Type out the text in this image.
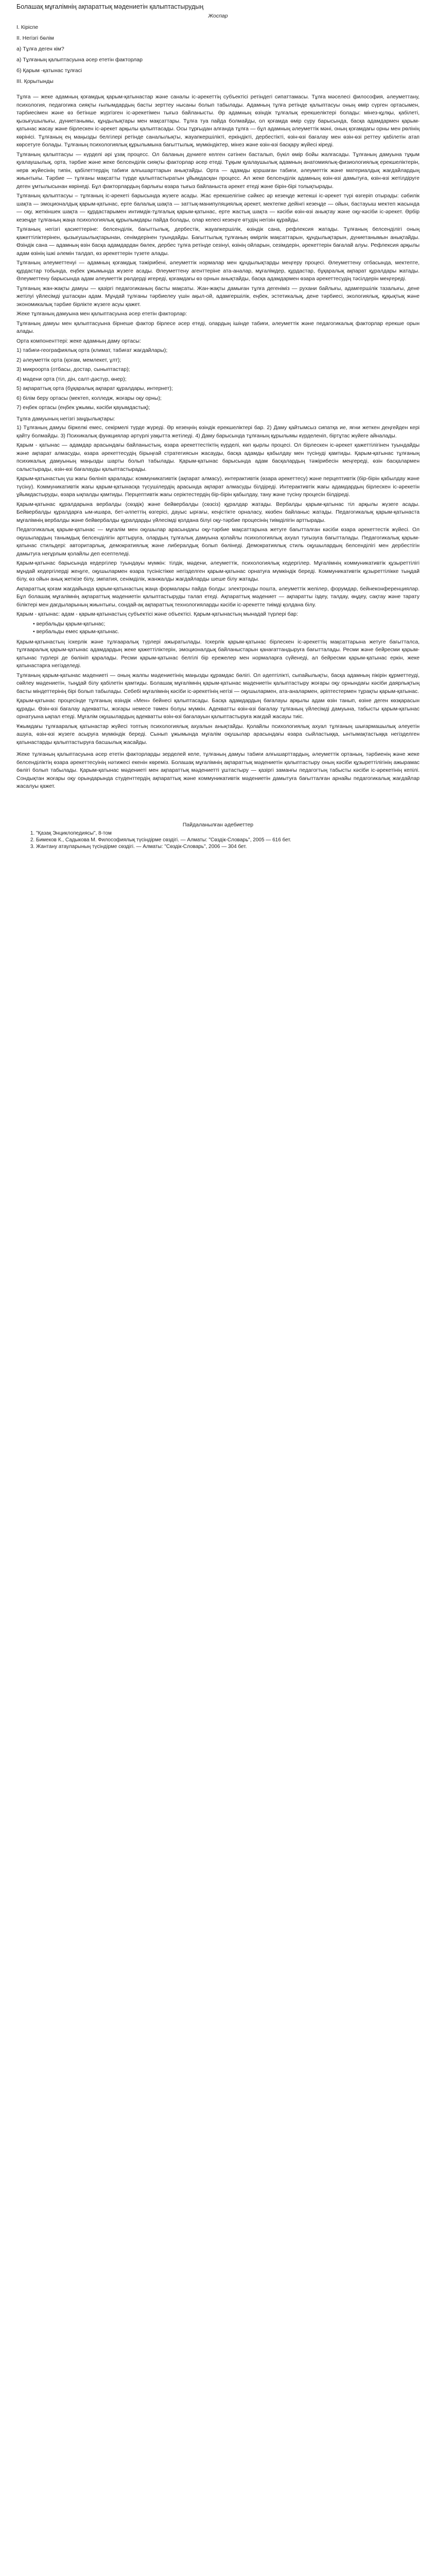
Болашақ мұғалімнің ақпараттық мәдениетін қалыптастырудың
Жоспар
I. Кіріспе
II. Негізгі бөлім
a) Тұлға деген кім?
a) Тұлғаның қалыптасуына әсер ететін факторлар
б) Қарым -қатынас тұлғасі
III. Қорытынды

Тұлға — жеке адамның қоғамдық қарым-қатынастар және саналы іс-әрекеттің субъектісі ретіндегі сипаттамасы. Тұлға мәселесі философия, әлеуметтану, психология, педагогика сияқты ғылымдардың басты зерттеу нысаны болып табылады. Адамның тұлға ретінде қалыптасуы оның өмір сүрген ортасымен, тәрбиесімен және өз бетінше жүргізген іс-әрекетімен тығыз байланысты. Әр адамның өзіндік тұлғалық ерекшеліктері болады: мінез-құлқы, қабілеті, қызығушылығы, дүниетанымы, құндылықтары мен мақсаттары. Тұлға туа пайда болмайды, ол қоғамда өмір сүру барысында, басқа адамдармен қарым-қатынас жасау және бірлескен іс-әрекет арқылы қалыптасады. Осы тұрғыдан алғанда тұлға — бұл адамның әлеуметтік мәні, оның қоғамдағы орны мен рөлінің көрінісі. Тұлғаның ең маңызды белгілері ретінде саналылықты, жауапкершілікті, еркіндікті, дербестікті, өзін-өзі бағалау мен өзін-өзі реттеу қабілетін атап көрсетуге болады. Тұлғаның психологиялық құрылымына бағыттылық, мүмкіндіктер, мінез және өзін-өзі басқару жүйесі кіреді.

Тұлғаның қалыптасуы — күрделі әрі ұзақ процесс. Ол баланың дүниеге келген сәтінен басталып, бүкіл өмір бойы жалғасады. Тұлғаның дамуына тұқым қуалаушылық, орта, тәрбие және жеке белсенділік сияқты факторлар әсер етеді. Тұқым қуалаушылық адамның анатомиялық-физиологиялық ерекшеліктерін, нерв жүйесінің типін, қабілеттердің табиғи алғышарттарын анықтайды. Орта — адамды қоршаған табиғи, әлеуметтік және материалдық жағдайлардың жиынтығы. Тәрбие — тұлғаны мақсатты түрде қалыптастыратын ұйымдасқан процесс. Ал жеке белсенділік адамның өзін-өзі дамытуға, өзін-өзі жетілдіруге деген ұмтылысынан көрінеді. Бұл факторлардың барлығы өзара тығыз байланыста әрекет етеді және бірін-бірі толықтырады.

Тұлғаның қалыптасуы – тұлғаның іс-әрекеті барысында жүзеге асады. Жас ерекшелігіне сәйкес әр кезеңде жетекші іс-әрекет түрі өзгеріп отырады: сәбилік шақта — эмоционалдық қарым-қатынас, ерте балалық шақта — заттық-манипуляциялық әрекет, мектепке дейінгі кезеңде — ойын, бастауыш мектеп жасында — оқу, жеткіншек шақта — құрдастарымен интимдік-тұлғалық қарым-қатынас, ерте жастық шақта — кәсіби өзін-өзі анықтау және оқу-кәсіби іс-әрекет. Әрбір кезеңде тұлғаның жаңа психологиялық құрылымдары пайда болады, олар келесі кезеңге өтудің негізін құрайды.

Тұлғаның негізгі қасиеттеріне: белсенділік, бағыттылық, дербестік, жауапкершілік, өзіндік сана, рефлексия жатады. Тұлғаның белсенділігі оның қажеттіліктерінен, қызығушылықтарынан, сенімдерінен туындайды. Бағыттылық тұлғаның өмірлік мақсаттарын, құндылықтарын, дүниетанымын анықтайды. Өзіндік сана — адамның өзін басқа адамдардан бөлек, дербес тұлға ретінде сезінуі, өзінің ойларын, сезімдерін, әрекеттерін бағалай алуы. Рефлексия арқылы адам өзінің ішкі әлемін талдап, өз әрекеттерін түзете алады.

Тұлғаның әлеуметтенуі — адамның қоғамдық тәжірибені, әлеуметтік нормалар мен құндылықтарды меңгеру процесі. Әлеуметтену отбасында, мектепте, құрдастар тобында, еңбек ұжымында жүзеге асады. Әлеуметтену агенттеріне ата-аналар, мұғалімдер, құрдастар, бұқаралық ақпарат құралдары жатады. Әлеуметтену барысында адам әлеуметтік рөлдерді игереді, қоғамдағы өз орнын анықтайды, басқа адамдармен өзара әрекеттесудің тәсілдерін меңгереді.

Тұлғаның жан-жақты дамуы — қазіргі педагогиканың басты мақсаты. Жан-жақты дамыған тұлға дегеніміз — рухани байлығы, адамгершілік тазалығы, дене жетілуі үйлесімді ұштасқан адам. Мұндай тұлғаны тәрбиелеу үшін ақыл-ой, адамгершілік, еңбек, эстетикалық, дене тәрбиесі, экологиялық, құқықтық және экономикалық тәрбие бірлікте жүзеге асуы қажет.

Жеке тұлғаның дамуына мен қалыптасуына әсер ететін факторлар:

Тұлғаның дамуы мен қалыптасуына бірнеше фактор бірлесе әсер етеді, олардың ішінде табиғи, әлеуметтік және педагогикалық факторлар ерекше орын алады.

Орта компоненттері: жеке адамның даму ортасы:

1) табиғи-географиялық орта (климат, табиғат жағдайлары);

2) әлеуметтік орта (қоғам, мемлекет, ұлт);

3) микроорта (отбасы, достар, сыныптастар);

4) мәдени орта (тіл, дін, салт-дәстүр, өнер);

5) ақпараттық орта (бұқаралық ақпарат құралдары, интернет);

6) білім беру ортасы (мектеп, колледж, жоғары оқу орны);

7) еңбек ортасы (еңбек ұжымы, кәсіби қауымдастық);

Тұлға дамуының негізгі заңдылықтары:

1) Тұлғаның дамуы біркелкі емес, секірмелі түрде жүреді. Әр кезеңнің өзіндік ерекшеліктері бар. 2) Даму қайтымсыз сипатқа ие, яғни жеткен деңгейден кері қайту болмайды. 3) Психикалық функциялар әртүрлі уақытта жетіледі. 4) Даму барысында тұлғаның құрылымы күрделеніп, біртұтас жүйеге айналады.

Қарым - қатынас — адамдар арасындағы байланыстың, өзара әрекеттестіктің күрделі, көп қырлы процесі. Ол бірлескен іс-әрекет қажеттілігінен туындайды және ақпарат алмасуды, өзара әрекеттесудің бірыңғай стратегиясын жасауды, басқа адамды қабылдау мен түсінуді қамтиды. Қарым-қатынас тұлғаның психикалық дамуының маңызды шарты болып табылады. Қарым-қатынас барысында адам басқалардың тәжірибесін меңгереді, өзін басқалармен салыстырады, өзін-өзі бағалауды қалыптастырады.

Қарым-қатынастың үш жағы бөлініп қаралады: коммуникативтік (ақпарат алмасу), интерактивтік (өзара әрекеттесу) және перцептивтік (бір-бірін қабылдау және түсіну). Коммуникативтік жағы қарым-қатынасқа түсушілердің арасында ақпарат алмасуды білдіреді. Интерактивтік жағы адамдардың бірлескен іс-әрекетін ұйымдастыруды, өзара ықпалды қамтиды. Перцептивтік жағы серіктестердің бір-бірін қабылдау, тану және түсіну процесін білдіреді.

Қарым-қатынас құралдарына вербалды (сөздік) және бейвербалды (сөзсіз) құралдар жатады. Вербалды қарым-қатынас тіл арқылы жүзеге асады. Бейвербалды құралдарға ым-ишара, бет-әлпеттің өзгерісі, дауыс ырғағы, кеңістікте орналасу, көзбен байланыс жатады. Педагогикалық қарым-қатынаста мұғалімнің вербалды және бейвербалды құралдарды үйлесімді қолдана білуі оқу-тәрбие процесінің тиімділігін арттырады.

Педагогикалық қарым-қатынас — мұғалім мен оқушылар арасындағы оқу-тәрбие мақсаттарына жетуге бағытталған кәсіби өзара әрекеттестік жүйесі. Ол оқушылардың танымдық белсенділігін арттыруға, олардың тұлғалық дамуына қолайлы психологиялық ахуал туғызуға бағытталады. Педагогикалық қарым-қатынас стильдері: авторитарлық, демократиялық және либералдық болып бөлінеді. Демократиялық стиль оқушылардың белсенділігі мен дербестігін дамытуға неғұрлым қолайлы деп есептеледі.

Қарым-қатынас барысында кедергілер туындауы мүмкін: тілдік, мәдени, әлеуметтік, психологиялық кедергілер. Мұғалімнің коммуникативтік құзыреттілігі мұндай кедергілерді жеңуге, оқушылармен өзара түсіністікке негізделген қарым-қатынас орнатуға мүмкіндік береді. Коммуникативтік құзыреттілікке тыңдай білу, өз ойын анық жеткізе білу, эмпатия, сенімділік, жанжалды жағдайларды шеше білу жатады.

Ақпараттық қоғам жағдайында қарым-қатынастың жаңа формалары пайда болды: электронды пошта, әлеуметтік желілер, форумдар, бейнеконференциялар. Бұл болашақ мұғалімнің ақпараттық мәдениетін қалыптастыруды талап етеді. Ақпараттық мәдениет — ақпаратты іздеу, талдау, өңдеу, сақтау және тарату біліктері мен дағдыларының жиынтығы, сондай-ақ ақпараттық технологияларды кәсіби іс-әрекетте тиімді қолдана білу.

Қарым - қатынас: адам - қарым-қатынастың субъектісі және объектісі. Қарым-қатынастың мынадай түрлері бар:

• вербальды қарым-қатынас;
• вербальды емес қарым-қатынас.

Қарым-қатынастың іскерлік және тұлғааралық түрлері ажыратылады. Іскерлік қарым-қатынас бірлескен іс-әрекеттің мақсаттарына жетуге бағытталса, тұлғааралық қарым-қатынас адамдардың жеке қажеттіліктерін, эмоционалдық байланыстарын қанағаттандыруға бағытталады. Ресми және бейресми қарым-қатынас түрлері де бөлініп қаралады. Ресми қарым-қатынас белгілі бір ережелер мен нормаларға сүйенеді, ал бейресми қарым-қатынас еркін, жеке қатынастарға негізделеді.

Тұлғаның қарым-қатынас мәдениеті — оның жалпы мәдениетінің маңызды құрамдас бөлігі. Ол әдептілікті, сыпайылықты, басқа адамның пікірін құрметтеуді, сөйлеу мәдениетін, тыңдай білу қабілетін қамтиды. Болашақ мұғалімнің қарым-қатынас мәдениетін қалыптастыру жоғары оқу орнындағы кәсіби даярлықтың басты міндеттерінің бірі болып табылады. Себебі мұғалімнің кәсіби іс-әрекетінің негізі — оқушылармен, ата-аналармен, әріптестермен тұрақты қарым-қатынас.

Қарым-қатынас процесінде тұлғаның өзіндік «Мен» бейнесі қалыптасады. Басқа адамдардың бағалауы арқылы адам өзін танып, өзіне деген көзқарасын құрады. Өзін-өзі бағалау адекватты, жоғары немесе төмен болуы мүмкін. Адекватты өзін-өзі бағалау тұлғаның үйлесімді дамуына, табысты қарым-қатынас орнатуына ықпал етеді. Мұғалім оқушылардың адекватты өзін-өзі бағалауын қалыптастыруға жағдай жасауы тиіс.

Ұжымдағы тұлғааралық қатынастар жүйесі топтың психологиялық ахуалын анықтайды. Қолайлы психологиялық ахуал тұлғаның шығармашылық әлеуетін ашуға, өзін-өзі жүзеге асыруға мүмкіндік береді. Сынып ұжымында мұғалім оқушылар арасындағы өзара сыйластыққа, ынтымақтастыққа негізделген қатынастарды қалыптастыруға басшылық жасайды.

Жеке тұлғаның қалыптасуына әсер ететін факторларды зерделей келе, тұлғаның дамуы табиғи алғышарттардың, әлеуметтік ортаның, тәрбиенің және жеке белсенділіктің өзара әрекеттесуінің нәтижесі екенін көреміз. Болашақ мұғалімнің ақпараттық мәдениетін қалыптастыру оның кәсіби құзыреттілігінің ажырамас бөлігі болып табылады. Қарым-қатынас мәдениеті мен ақпараттық мәдениетті ұштастыру — қазіргі заманғы педагогтың табысты кәсіби іс-әрекетінің кепілі. Сондықтан жоғары оқу орындарында студенттердің ақпараттық және коммуникативтік мәдениетін дамытуға бағытталған арнайы педагогикалық жағдайлар жасалуы қажет.

Пайдаланылған әдебиеттер
1. "Қазақ Энциклопедиясы", 8-том
2. Бимеков К., Садыкова М. Философиялық түсіндірме сөздігі. — Алматы: "Сөздік-Словарь", 2005 — 616 бет.
3. Жантану атауларының түсіндірме сөздігі. — Алматы: "Сөздік-Словарь", 2006 — 304 бет.
